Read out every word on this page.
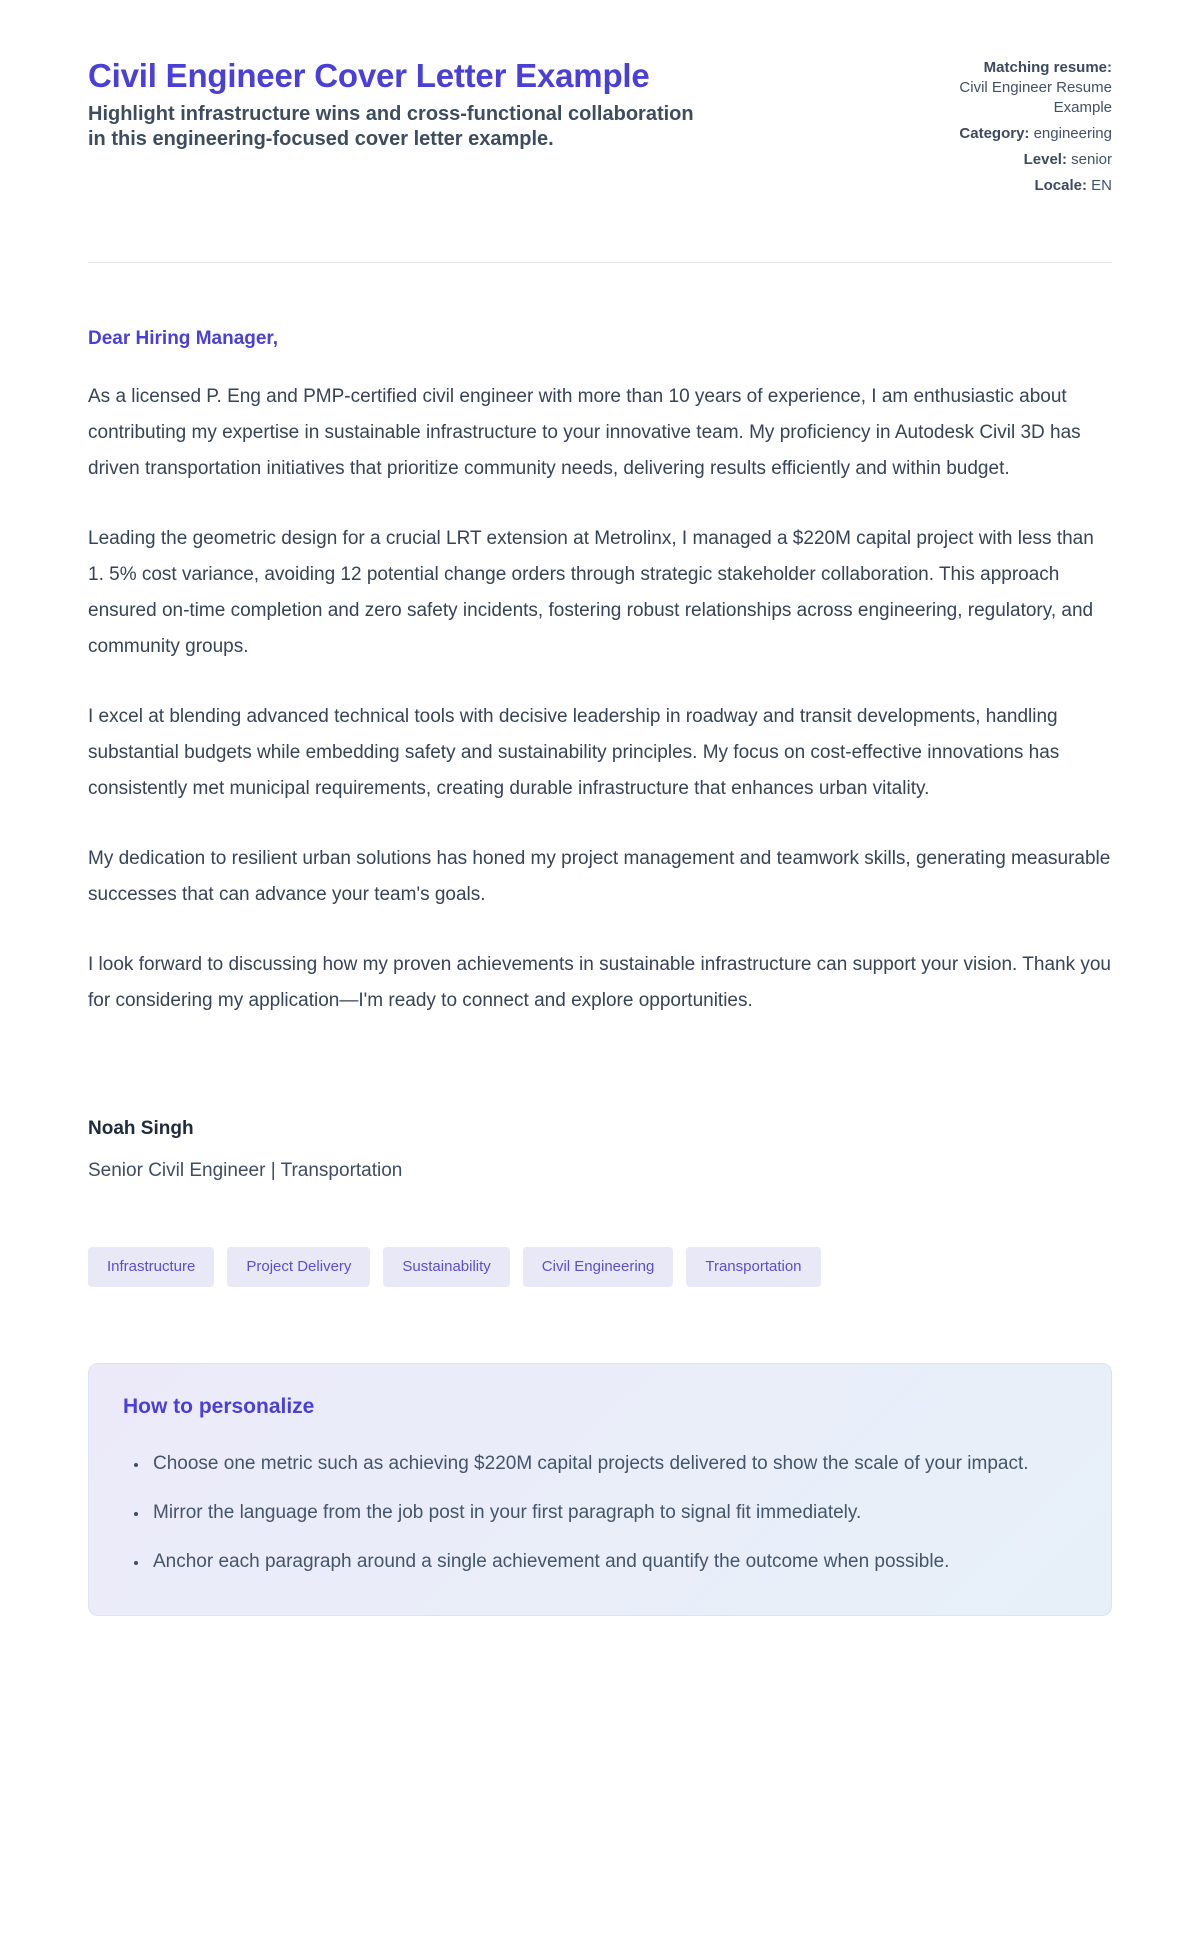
Civil Engineer Cover Letter Example

Highlight infrastructure wins and cross-functional collaboration in this engineering-focused cover letter example.

Matching resume:
Civil Engineer Resume Example
Category: engineering
Level: senior
Locale: EN

Dear Hiring Manager,

As a licensed P. Eng and PMP-certified civil engineer with more than 10 years of experience, I am enthusiastic about contributing my expertise in sustainable infrastructure to your innovative team. My proficiency in Autodesk Civil 3D has driven transportation initiatives that prioritize community needs, delivering results efficiently and within budget.

Leading the geometric design for a crucial LRT extension at Metrolinx, I managed a $220M capital project with less than 1. 5% cost variance, avoiding 12 potential change orders through strategic stakeholder collaboration. This approach ensured on-time completion and zero safety incidents, fostering robust relationships across engineering, regulatory, and community groups.

I excel at blending advanced technical tools with decisive leadership in roadway and transit developments, handling substantial budgets while embedding safety and sustainability principles. My focus on cost-effective innovations has consistently met municipal requirements, creating durable infrastructure that enhances urban vitality.

My dedication to resilient urban solutions has honed my project management and teamwork skills, generating measurable successes that can advance your team's goals.

I look forward to discussing how my proven achievements in sustainable infrastructure can support your vision. Thank you for considering my application—I'm ready to connect and explore opportunities.

Noah Singh

Senior Civil Engineer | Transportation

Infrastructure	Project Delivery	Sustainability	Civil Engineering	Transportation
How to personalize
• Choose one metric such as achieving $220M capital projects delivered to show the scale of your impact.
• Mirror the language from the job post in your first paragraph to signal fit immediately.
• Anchor each paragraph around a single achievement and quantify the outcome when possible.
